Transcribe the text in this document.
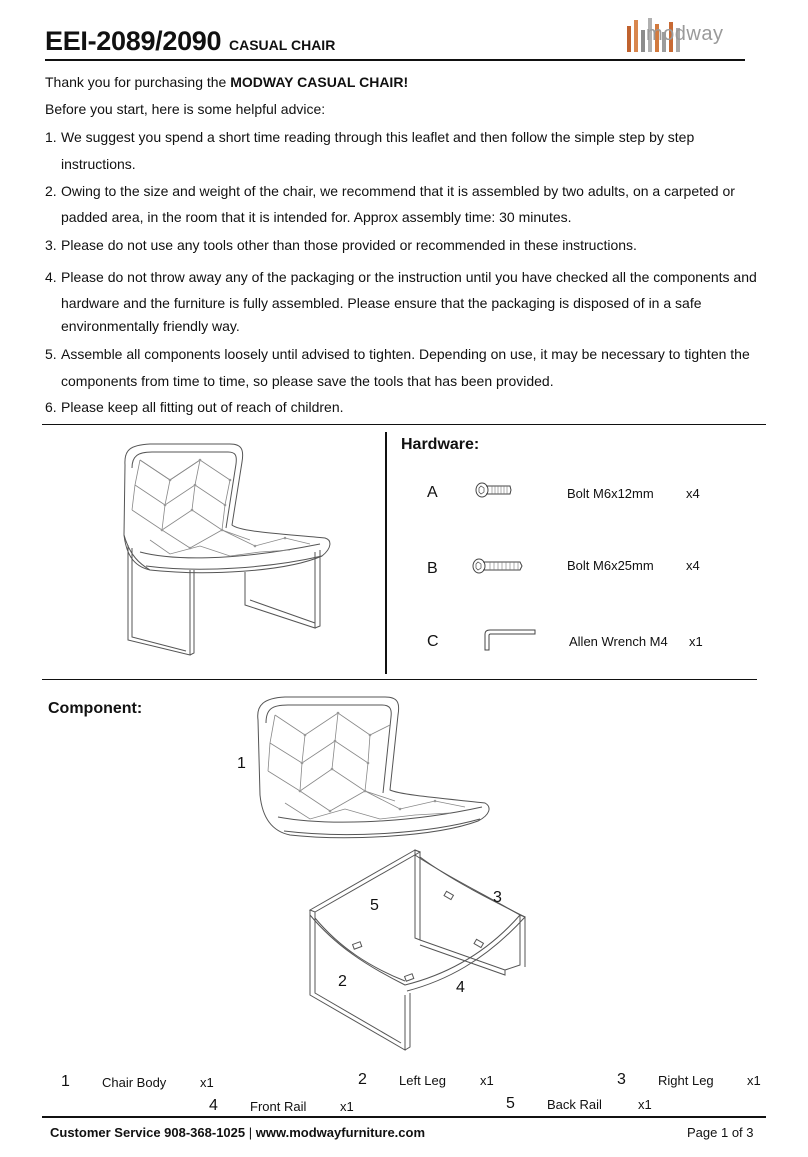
EEI-2089/2090 CASUAL CHAIR	modway
Thank you for purchasing the MODWAY CASUAL CHAIR!
Before you start, here is some helpful advice:
1. We suggest you spend a short time reading through this leaflet and then follow the simple step by step
instructions.
2. Owing to the size and weight of the chair, we recommend that it is assembled by two adults, on a carpeted or
padded area, in the room that it is intended for. Approx assembly time: 30 minutes.
3. Please do not use any tools other than those provided or recommended in these instructions.
4. Please do not throw away any of the packaging or the instruction until you have checked all the components and
hardware and the furniture is fully assembled. Please ensure that the packaging is disposed of in a safe
environmentally friendly way.
5. Assemble all components loosely until advised to tighten. Depending on use, it may be necessary to tighten the
components from time to time, so please save the tools that has been provided.
6. Please keep all fitting out of reach of children.
Hardware:
A	Bolt M6x12mm x4
B	Bolt M6x25mm x4
C	Allen Wrench M4 x1
Component:
1
5	3
2	4
1 Chair Body	x1	2 Left Leg	x1	3 Right Leg	x1
4 Front Rail	x1	5 Back Rail	x1
Customer Service 908-368-1025 | www.modwayfurniture.com	Page 1 of 3
